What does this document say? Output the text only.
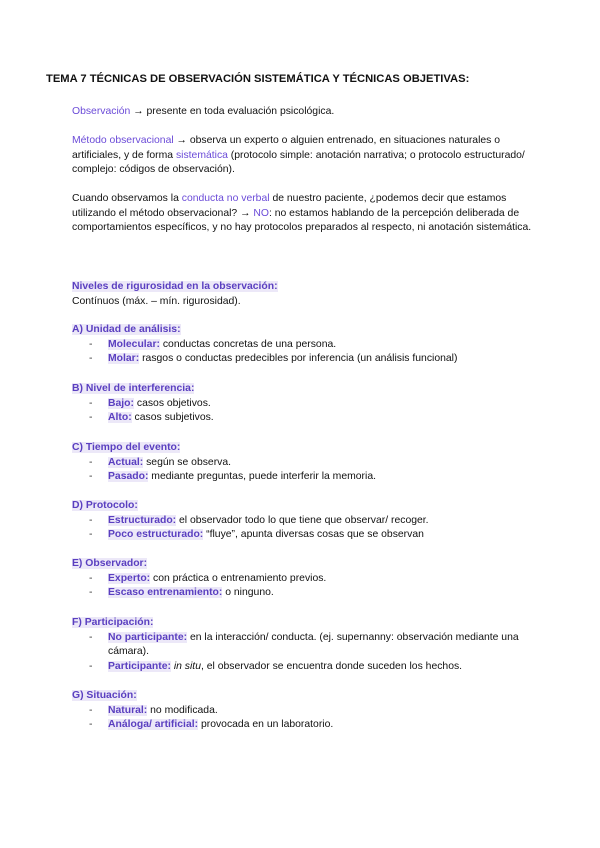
TEMA 7 TÉCNICAS DE OBSERVACIÓN SISTEMÁTICA Y TÉCNICAS OBJETIVAS:
Observación → presente en toda evaluación psicológica.
Método observacional → observa un experto o alguien entrenado, en situaciones naturales o artificiales, y de forma sistemática (protocolo simple: anotación narrativa; o protocolo estructurado/ complejo: códigos de observación).
Cuando observamos la conducta no verbal de nuestro paciente, ¿podemos decir que estamos utilizando el método observacional? → NO: no estamos hablando de la percepción deliberada de comportamientos específicos, y no hay protocolos preparados al respecto, ni anotación sistemática.
Niveles de rigurosidad en la observación:
Contínuos (máx. – mín. rigurosidad).
A) Unidad de análisis:
- Molecular: conductas concretas de una persona.
- Molar: rasgos o conductas predecibles por inferencia (un análisis funcional)
B) Nivel de interferencia:
- Bajo: casos objetivos.
- Alto: casos subjetivos.
C) Tiempo del evento:
- Actual: según se observa.
- Pasado: mediante preguntas, puede interferir la memoria.
D) Protocolo:
- Estructurado: el observador todo lo que tiene que observar/ recoger.
- Poco estructurado: “fluye”, apunta diversas cosas que se observan
E) Observador:
- Experto: con práctica o entrenamiento previos.
- Escaso entrenamiento: o ninguno.
F) Participación:
- No participante: en la interacción/ conducta. (ej. supernanny: observación mediante una cámara).
- Participante: in situ, el observador se encuentra donde suceden los hechos.
G) Situación:
- Natural: no modificada.
- Análoga/ artificial: provocada en un laboratorio.
